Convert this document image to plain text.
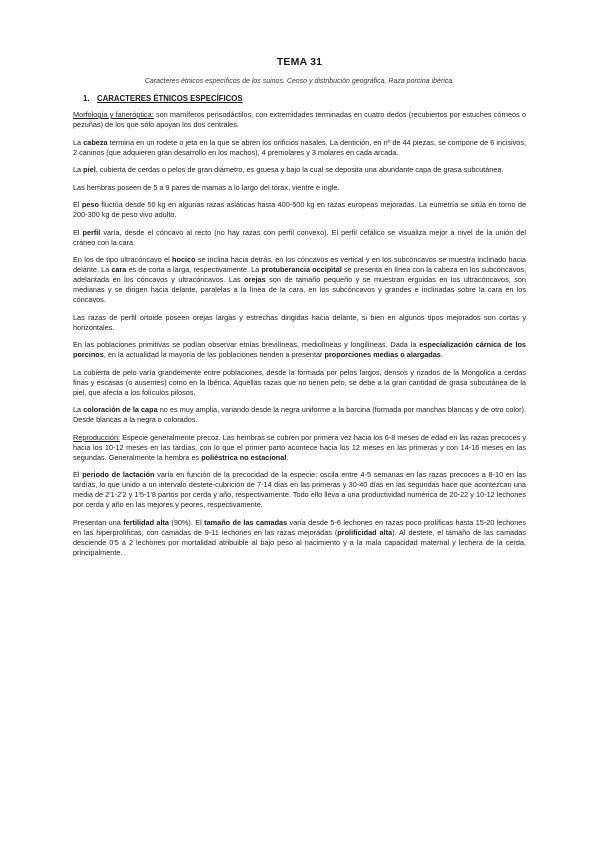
TEMA 31
Caracteres étnicos específicos de los suinos. Censo y distribución geográfica. Raza porcina ibérica.
1. CARACTERES ÉTNICOS ESPECÍFICOS

Morfología y faneróptica: son mamíferos perisodáctilos, con extremidades terminadas en cuatro dedos (recubiertos por estuches córneos o pezuñas) de los que sólo apoyan los dos centrales.

La cabeza termina en un rodete o jeta en la que se abren los orificios nasales. La dentición, en nº de 44 piezas, se compone de 6 incisivos, 2 caninos (que adquieren gran desarrollo en los machos), 4 premolares y 3 molares en cada arcada.

La piel, cubierta de cerdas o pelos de gran diámetro, es gruesa y bajo la cual se deposita una abundante capa de grasa subcutánea.

Las hembras poseen de 5 a 9 pares de mamas a lo largo del tórax, vientre e ingle.

El peso fluctúa desde 50 kg en algunas razas asiáticas hasta 400-500 kg en razas europeas mejoradas. La eumetría se sitúa en torno de 200-300 kg de peso vivo adulto.

El perfil varía, desde el cóncavo al recto (no hay razas con perfil convexo). El perfil cefálico se visualiza mejor a nivel de la unión del cráneo con la cara.

En los de tipo ultracóncavo el hocico se inclina hacia detrás, en los cóncavos es vertical y en los subcóncavos se muestra inclinado hacia delante. La cara es de corta a larga, respectivamente. La protuberancia occipital se presenta en línea con la cabeza en los subcóncavos, adelantada en los cóncavos y ultracóncavos. Las orejas son de tamaño pequeño y se muestran erguidas en los ultracóncavos, son medianas y se dirigen hacia delante, paralelas a la línea de la cara, en los subcóncavos y grandes e inclinadas sobre la cara en los cóncavos.

Las razas de perfil ortoide poseen orejas largas y estrechas dirigidas hacia delante, si bien en algunos tipos mejorados son cortas y horizontales.

En las poblaciones primitivas se podían observar etnias brevilíneas, mediolíneas y longilíneas. Dada la especialización cárnica de los porcinos, en la actualidad la mayoría de las poblaciones tienden a presentar proporciones medias o alargadas.

La cubierta de pelo varía grandemente entre poblaciones, desde la formada por pelos largos, densos y rizados de la Mongolica a cerdas finas y escasas (o ausentes) como en la Ibérica. Aquellas razas que no tienen pelo, se debe a la gran cantidad de grasa subcutánea de la piel, que afecta a los folículos pilosos.

La coloración de la capa no es muy amplia, variando desde la negra uniforme a la barcina (formada por manchas blancas y de otro color). Desde blancas a la negra o colorados.

Reproducción: Especie generalmente precoz. Las hembras se cubren por primera vez hacia los 6-8 meses de edad en las razas precoces y hacia los 10-12 meses en las tardías, con lo que el primer parto acontece hacia los 12 meses en las primeras y con 14-16 meses en las segundas. Generalmente la hembra es poliéstrica no estacional.

El periodo de lactación varía en función de la precocidad de la especie: oscila entre 4-5 semanas en las razas precoces a 8-10 en las tardías, lo que unido a un intervalo destete-cubrición de 7-14 días en las primeras y 30-40 días en las segundas hace que acontezcan una media de 2'1-2'2 y 1'5-1'8 partos por cerda y año, respectivamente. Todo ello lleva a una productividad numérica de 20-22 y 10-12 lechones por cerda y año en las mejores y peores, respectivamente.

Presentan una fertilidad alta (90%). El tamaño de las camadas varía desde 5-6 lechones en razas poco prolíficas hasta 15-20 lechones en las hiperprolíficas, con camadas de 9-11 lechones en las razas mejoradas (prolificidad alta). Al destete, el tamaño de las camadas desciende 0'5 a 2 lechones por mortalidad atribuible al bajo peso al nacimiento y a la mala capacidad maternal y lechera de la cerda, principalmente.
